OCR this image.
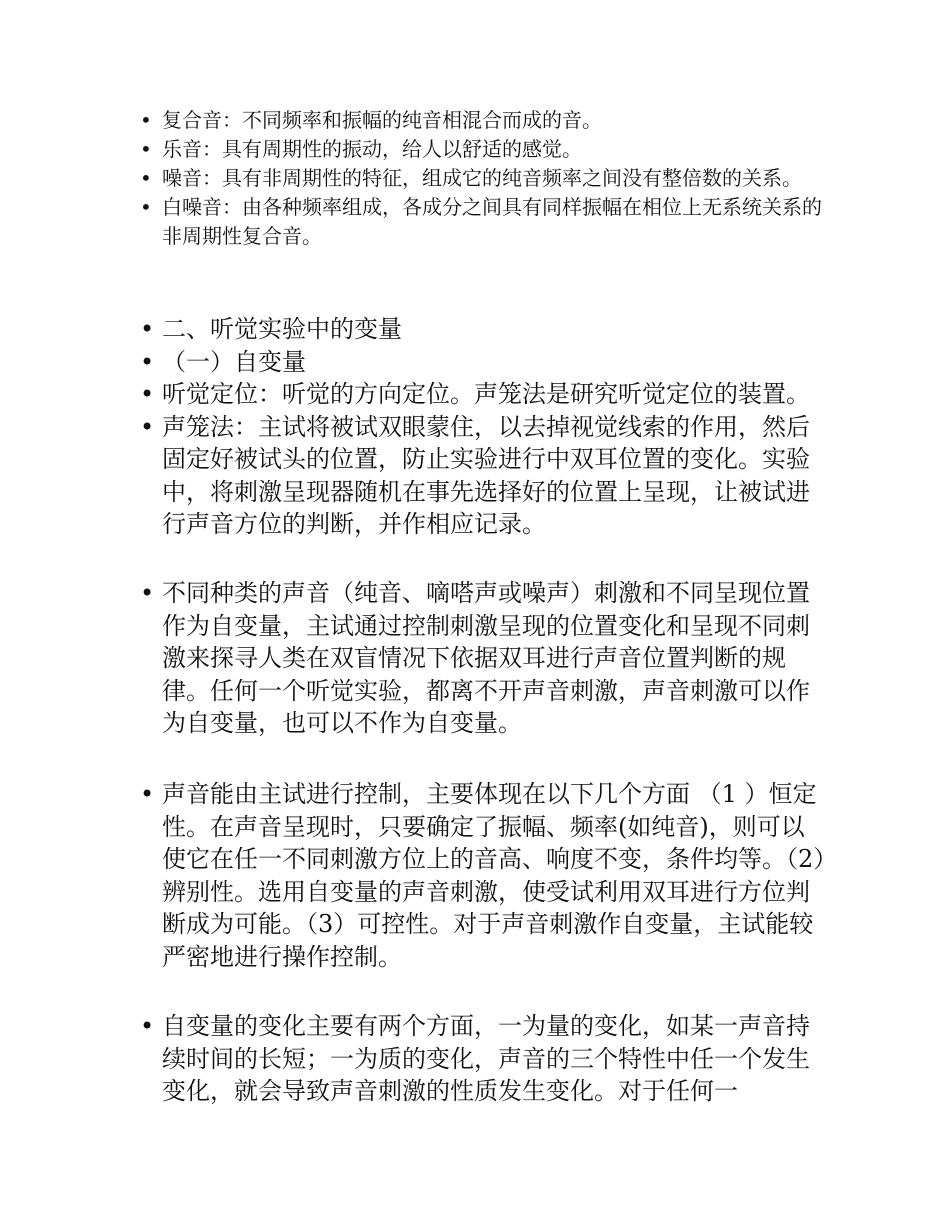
• 复合音：不同频率和振幅的纯音相混合而成的音。
• 乐音：具有周期性的振动，给人以舒适的感觉。
• 噪音：具有非周期性的特征，组成它的纯音频率之间没有整倍数的关系。
• 白噪音：由各种频率组成，各成分之间具有同样振幅在相位上无系统关系的非周期性复合音。
• 二、听觉实验中的变量
• （一）自变量
• 听觉定位：听觉的方向定位。声笼法是研究听觉定位的装置。
• 声笼法：主试将被试双眼蒙住，以去掉视觉线索的作用，然后固定好被试头的位置，防止实验进行中双耳位置的变化。实验中，将刺激呈现器随机在事先选择好的位置上呈现，让被试进行声音方位的判断，并作相应记录。
• 不同种类的声音（纯音、嘀嗒声或噪声）刺激和不同呈现位置作为自变量，主试通过控制刺激呈现的位置变化和呈现不同刺激来探寻人类在双盲情况下依据双耳进行声音位置判断的规律。任何一个听觉实验，都离不开声音刺激，声音刺激可以作为自变量，也可以不作为自变量。
• 声音能由主试进行控制，主要体现在以下几个方面 （1 ）恒定性。在声音呈现时，只要确定了振幅、频率(如纯音)，则可以使它在任一不同刺激方位上的音高、响度不变，条件均等。（2）辨别性。选用自变量的声音刺激，使受试利用双耳进行方位判断成为可能。（3）可控性。对于声音刺激作自变量，主试能较严密地进行操作控制。
• 自变量的变化主要有两个方面，一为量的变化，如某一声音持续时间的长短；一为质的变化，声音的三个特性中任一个发生变化，就会导致声音刺激的性质发生变化。对于任何一
